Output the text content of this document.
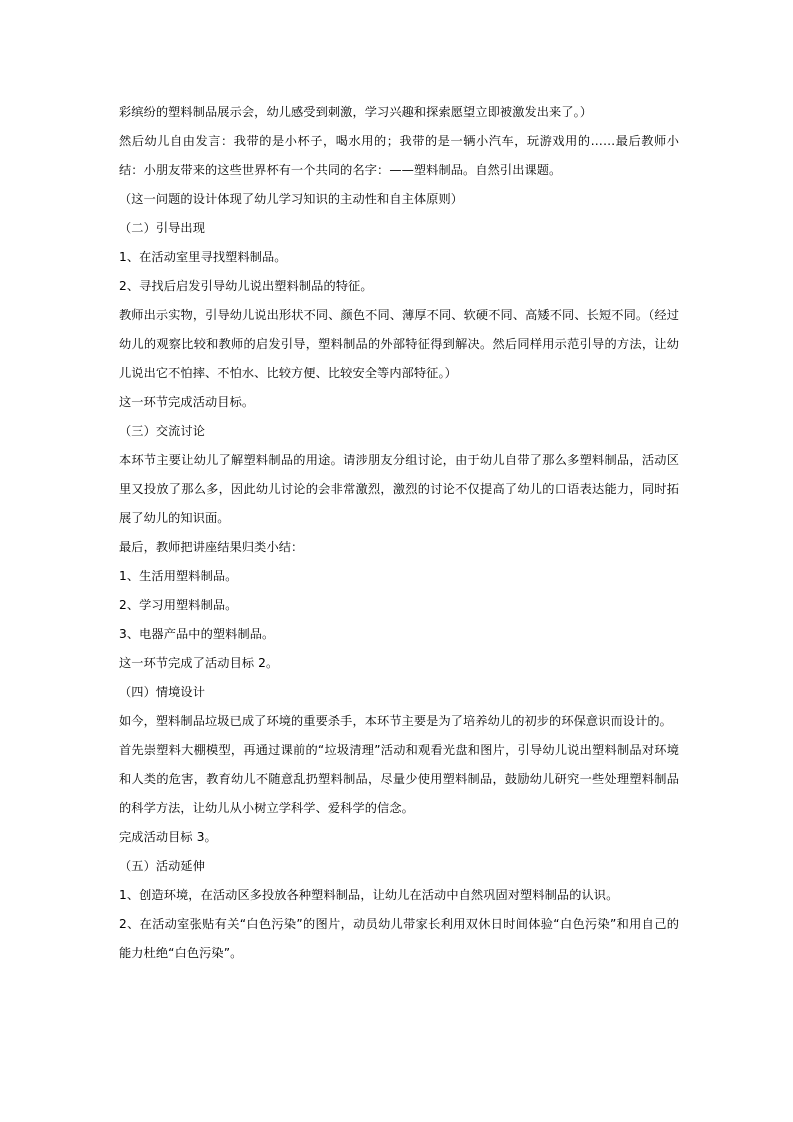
彩缤纷的塑料制品展示会，幼儿感受到刺激，学习兴趣和探索愿望立即被激发出来了。）

然后幼儿自由发言：我带的是小杯子，喝水用的；我带的是一辆小汽车，玩游戏用的……最后教师小结：小朋友带来的这些世界杯有一个共同的名字：——塑料制品。自然引出课题。

（这一问题的设计体现了幼儿学习知识的主动性和自主体原则）

（二）引导出现

1、在活动室里寻找塑料制品。

2、寻找后启发引导幼儿说出塑料制品的特征。

教师出示实物，引导幼儿说出形状不同、颜色不同、薄厚不同、软硬不同、高矮不同、长短不同。（经过幼儿的观察比较和教师的启发引导，塑料制品的外部特征得到解决。然后同样用示范引导的方法，让幼儿说出它不怕摔、不怕水、比较方便、比较安全等内部特征。）

这一环节完成活动目标。

（三）交流讨论

本环节主要让幼儿了解塑料制品的用途。请涉朋友分组讨论，由于幼儿自带了那么多塑料制品，活动区里又投放了那么多，因此幼儿讨论的会非常激烈，激烈的讨论不仅提高了幼儿的口语表达能力，同时拓展了幼儿的知识面。

最后，教师把讲座结果归类小结：

1、生活用塑料制品。

2、学习用塑料制品。

3、电器产品中的塑料制品。

这一环节完成了活动目标 2。

（四）情境设计

如今，塑料制品垃圾已成了环境的重要杀手，本环节主要是为了培养幼儿的初步的环保意识而设计的。

首先崇塑料大棚模型，再通过课前的“垃圾清理”活动和观看光盘和图片，引导幼儿说出塑料制品对环境和人类的危害，教育幼儿不随意乱扔塑料制品，尽量少使用塑料制品，鼓励幼儿研究一些处理塑料制品的科学方法，让幼儿从小树立学科学、爱科学的信念。

完成活动目标 3。

（五）活动延伸

1、创造环境，在活动区多投放各种塑料制品，让幼儿在活动中自然巩固对塑料制品的认识。

2、在活动室张贴有关“白色污染”的图片，动员幼儿带家长利用双休日时间体验“白色污染”和用自己的能力杜绝“白色污染”。
